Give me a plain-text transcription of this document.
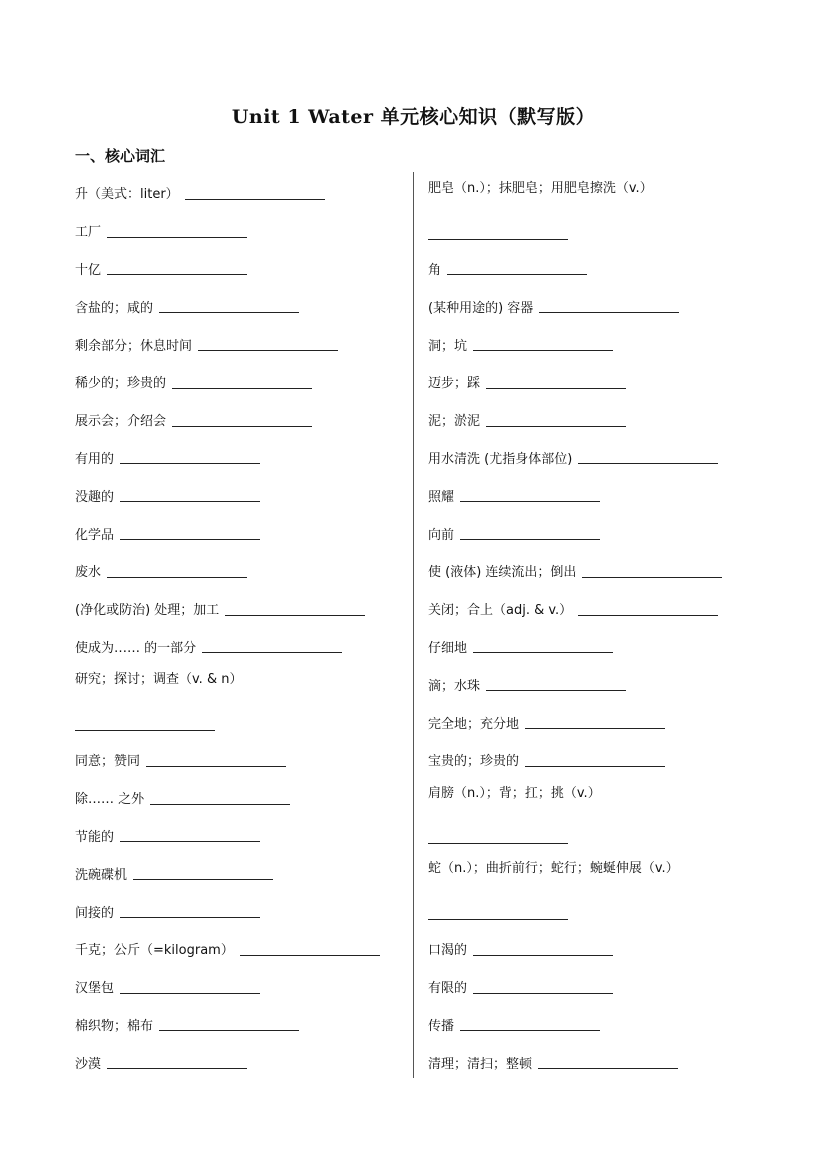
Unit 1 Water 单元核心知识（默写版）
一、核心词汇
升（美式：liter）
工厂
十亿
含盐的；咸的
剩余部分；休息时间
稀少的；珍贵的
展示会；介绍会
有用的
没趣的
化学品
废水
(净化或防治) 处理；加工
使成为…… 的一部分
研究；探讨；调查（v. & n）
同意；赞同
除…… 之外
节能的
洗碗碟机
间接的
千克；公斤（=kilogram）
汉堡包
棉织物；棉布
沙漠
肥皂（n.）；抹肥皂；用肥皂擦洗（v.）
角
(某种用途的) 容器
洞；坑
迈步；踩
泥；淤泥
用水清洗 (尤指身体部位)
照耀
向前
使 (液体) 连续流出；倒出
关闭；合上（adj. & v.）
仔细地
滴；水珠
完全地；充分地
宝贵的；珍贵的
肩膀（n.）；背；扛；挑（v.）
蛇（n.）；曲折前行；蛇行；蜿蜒伸展（v.）
口渴的
有限的
传播
清理；清扫；整顿
